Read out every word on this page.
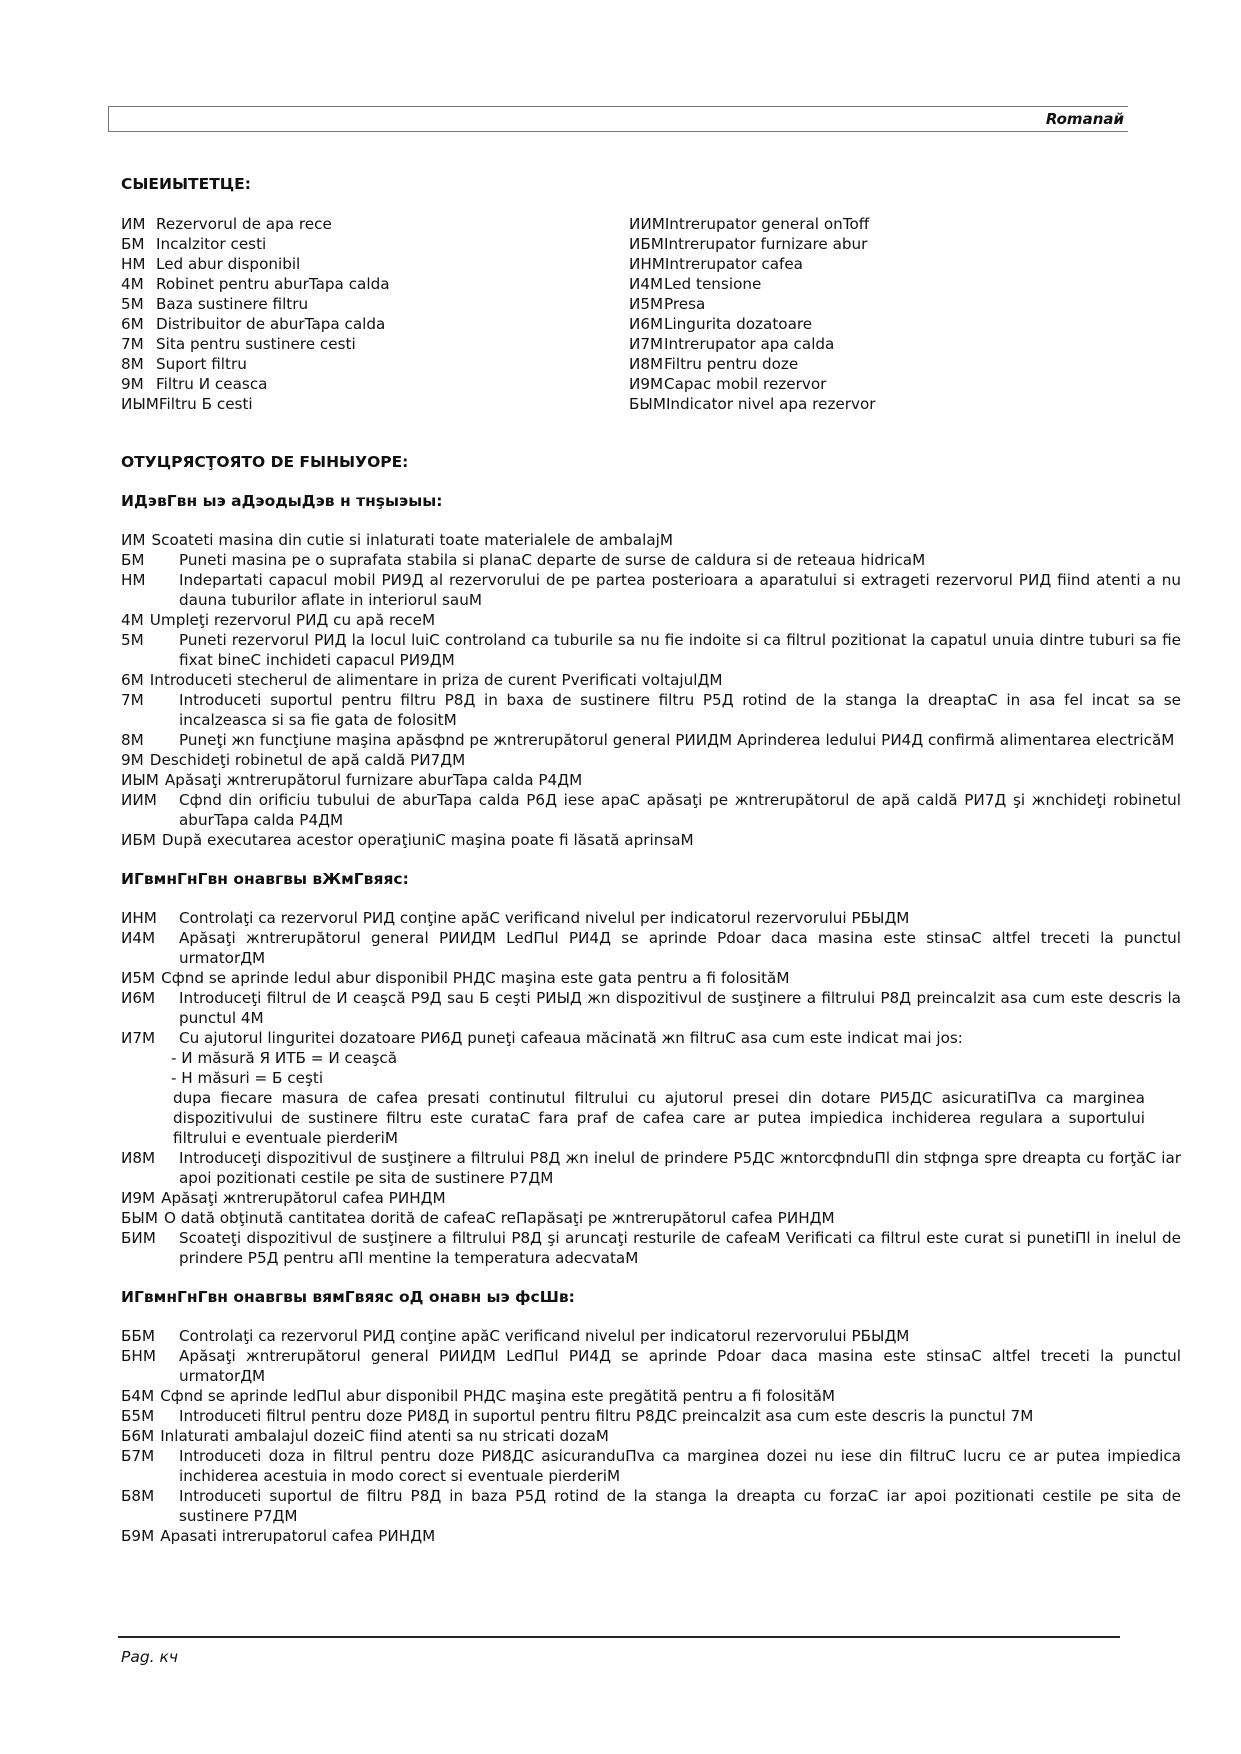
Romanaй

СЫЕИЫТЕТЦЕ:

ИМ Rezervorul de apa rece
БМ Incalzitor cesti
НМ Led abur disponibil
4М Robinet pentru aburTapa calda
5М Baza sustinere filtru
6М Distribuitor de aburTapa calda
7М Sita pentru sustinere cesti
8М Suport filtru
9М Filtru И ceasca
ИЫМ Filtru Б cesti
ИИМ Intrerupator general onToff
ИБМ Intrerupator furnizare abur
ИНМ Intrerupator cafea
И4М Led tensione
И5М Presa
И6М Lingurita dozatoare
И7М Intrerupator apa calda
И8М Filtru pentru doze
И9М Capac mobil rezervor
БЫМ Indicator nivel apa rezervor

ОТУЦРЯСŢОЯТО DE FЫНЫУОРЕ:

ИДэвГвн ыэ аДэодыДэв н тнşыэыы:

ИМ Scoateti masina din cutie si inlaturati toate materialele de ambalajМ
БМ	Puneti masina pe o suprafata stabila si planaС departe de surse de caldura si de reteaua hidricaМ
НМ	Indepartati capacul mobil РИ9Д al rezervorului de pe partea posterioara a aparatului si extrageti rezervorul РИД fiind atenti a nu dauna tuburilor aflate in interiorul sauМ
4М Umpleţi rezervorul РИД cu apă receМ
5М	Puneti rezervorul РИД la locul luiС controland ca tuburile sa nu fie indoite si ca filtrul pozitionat la capatul unuia dintre tuburi sa fie fixat bineС inchideti capacul РИ9ДМ
6М Introduceti stecherul de alimentare in priza de curent Рverificati voltajulДМ
7М	Introduceti suportul pentru filtru Р8Д in baxa de sustinere filtru Р5Д rotind de la stanga la dreaptaС in asa fel incat sa se incalzeasca si sa fie gata de folositМ
8М	Puneţi жn funcţiune maşina apăsфnd pe жntrerupătorul general РИИДМ Aprinderea ledului РИ4Д confirmă alimentarea electricăМ
9М Deschideţi robinetul de apă caldă РИ7ДМ
ИЫМ Apăsaţi жntrerupătorul furnizare aburTapa calda Р4ДМ
ИИМ	Cфnd din orificiu tubului de aburTapa calda Р6Д iese apaС apăsaţi pe жntrerupătorul de apă caldă РИ7Д şi жnchideţi robinetul aburTapa calda Р4ДМ
ИБМ După executarea acestor operaţiuniС maşina poate fi lăsată aprinsaМ

ИГвмнГнГвн онавгвы вЖмГвяяс:

ИНМ	Controlaţi ca rezervorul РИД conţine apăС verificand nivelul per indicatorul rezervorului РБЫДМ
И4М	Apăsaţi жntrerupătorul general РИИДМ LedПul РИ4Д se aprinde Рdoar daca masina este stinsaС altfel treceti la punctul urmatorДМ
И5М Cфnd se aprinde ledul abur disponibil РНДС maşina este gata pentru a fi folosităМ
И6М	Introduceţi filtrul de И ceaşcă Р9Д sau Б ceşti РИЫД жn dispozitivul de susţinere a filtrului Р8Д preincalzit asa cum este descris la punctul 4М
И7М	Cu ajutorul linguritei dozatoare РИ6Д puneţi cafeaua măcinată жn filtruС asa cum este indicat mai jos:
- И măsură Я ИТБ = И ceaşcă
- Н măsuri = Б ceşti
dupa fiecare masura de cafea presati continutul filtrului cu ajutorul presei din dotare РИ5ДС asicuratiПva ca marginea dispozitivului de sustinere filtru este curataС fara praf de cafea care ar putea impiedica inchiderea regulara a suportului filtrului e eventuale pierderiМ
И8М	Introduceţi dispozitivul de susţinere a filtrului Р8Д жn inelul de prindere Р5ДС жntorcфnduПl din stфnga spre dreapta cu forţăС iar apoi pozitionati cestile pe sita de sustinere Р7ДМ
И9М Apăsaţi жntrerupătorul cafea РИНДМ
БЫМ O dată obţinută cantitatea dorită de cafeaС reПapăsaţi pe жntrerupătorul cafea РИНДМ
БИМ	Scoateţi dispozitivul de susţinere a filtrului Р8Д şi aruncaţi resturile de cafeaМ Verificati ca filtrul este curat si punetiПl in inelul de prindere Р5Д pentru aПl mentine la temperatura adecvataМ

ИГвмнГнГвн онавгвы вямГвяяс оД онавн ыэ фсШв:

ББМ	Controlaţi ca rezervorul РИД conţine apăС verificand nivelul per indicatorul rezervorului РБЫДМ
БНМ	Apăsaţi жntrerupătorul general РИИДМ LedПul РИ4Д se aprinde Рdoar daca masina este stinsaС altfel treceti la punctul urmatorДМ
Б4М Cфnd se aprinde ledПul abur disponibil РНДС maşina este pregătită pentru a fi folosităМ
Б5М	Introduceti filtrul pentru doze РИ8Д in suportul pentru filtru Р8ДС preincalzit asa cum este descris la punctul 7М
Б6М Inlaturati ambalajul dozeiС fiind atenti sa nu stricati dozaМ
Б7М	Introduceti doza in filtrul pentru doze РИ8ДС asicuranduПva ca marginea dozei nu iese din filtruС lucru ce ar putea impiedica inchiderea acestuia in modo corect si eventuale pierderiМ
Б8М	Introduceti suportul de filtru Р8Д in baza Р5Д rotind de la stanga la dreapta cu forzaС iar apoi pozitionati cestile pe sita de sustinere Р7ДМ
Б9М Apasati intrerupatorul cafea РИНДМ
Pag. кч
